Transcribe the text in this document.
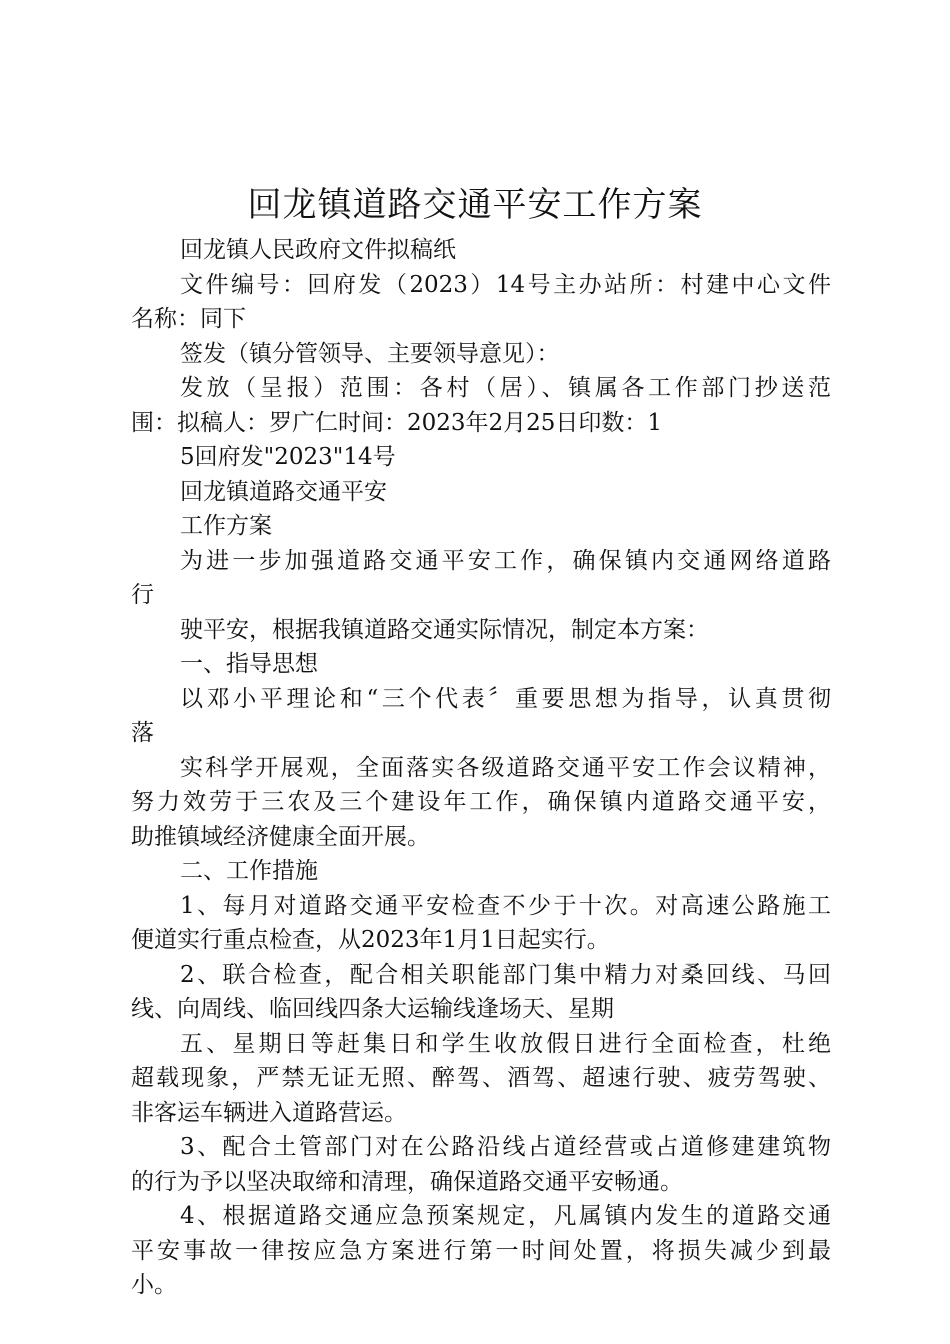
回龙镇道路交通平安工作方案
回龙镇人民政府文件拟稿纸
文件编号：回府发（2023）14号主办站所：村建中心文件
名称：同下
签发（镇分管领导、主要领导意见）：
发放（呈报）范围：各村（居）、镇属各工作部门抄送范
围：拟稿人：罗广仁时间：2023年2月25日印数：1
5回府发"2023"14号
回龙镇道路交通平安
工作方案
为进一步加强道路交通平安工作，确保镇内交通网络道路
行
驶平安，根据我镇道路交通实际情况，制定本方案：
一、指导思想
以邓小平理论和“三个代表〞重要思想为指导，认真贯彻
落
实科学开展观，全面落实各级道路交通平安工作会议精神，
努力效劳于三农及三个建设年工作，确保镇内道路交通平安，
助推镇域经济健康全面开展。
二、工作措施
1、每月对道路交通平安检查不少于十次。对高速公路施工
便道实行重点检查，从2023年1月1日起实行。
2、联合检查，配合相关职能部门集中精力对桑回线、马回
线、向周线、临回线四条大运输线逢场天、星期
五、星期日等赶集日和学生收放假日进行全面检查，杜绝
超载现象，严禁无证无照、醉驾、酒驾、超速行驶、疲劳驾驶、
非客运车辆进入道路营运。
3、配合土管部门对在公路沿线占道经营或占道修建建筑物
的行为予以坚决取缔和清理，确保道路交通平安畅通。
4、根据道路交通应急预案规定，凡属镇内发生的道路交通
平安事故一律按应急方案进行第一时间处置，将损失减少到最
小。
